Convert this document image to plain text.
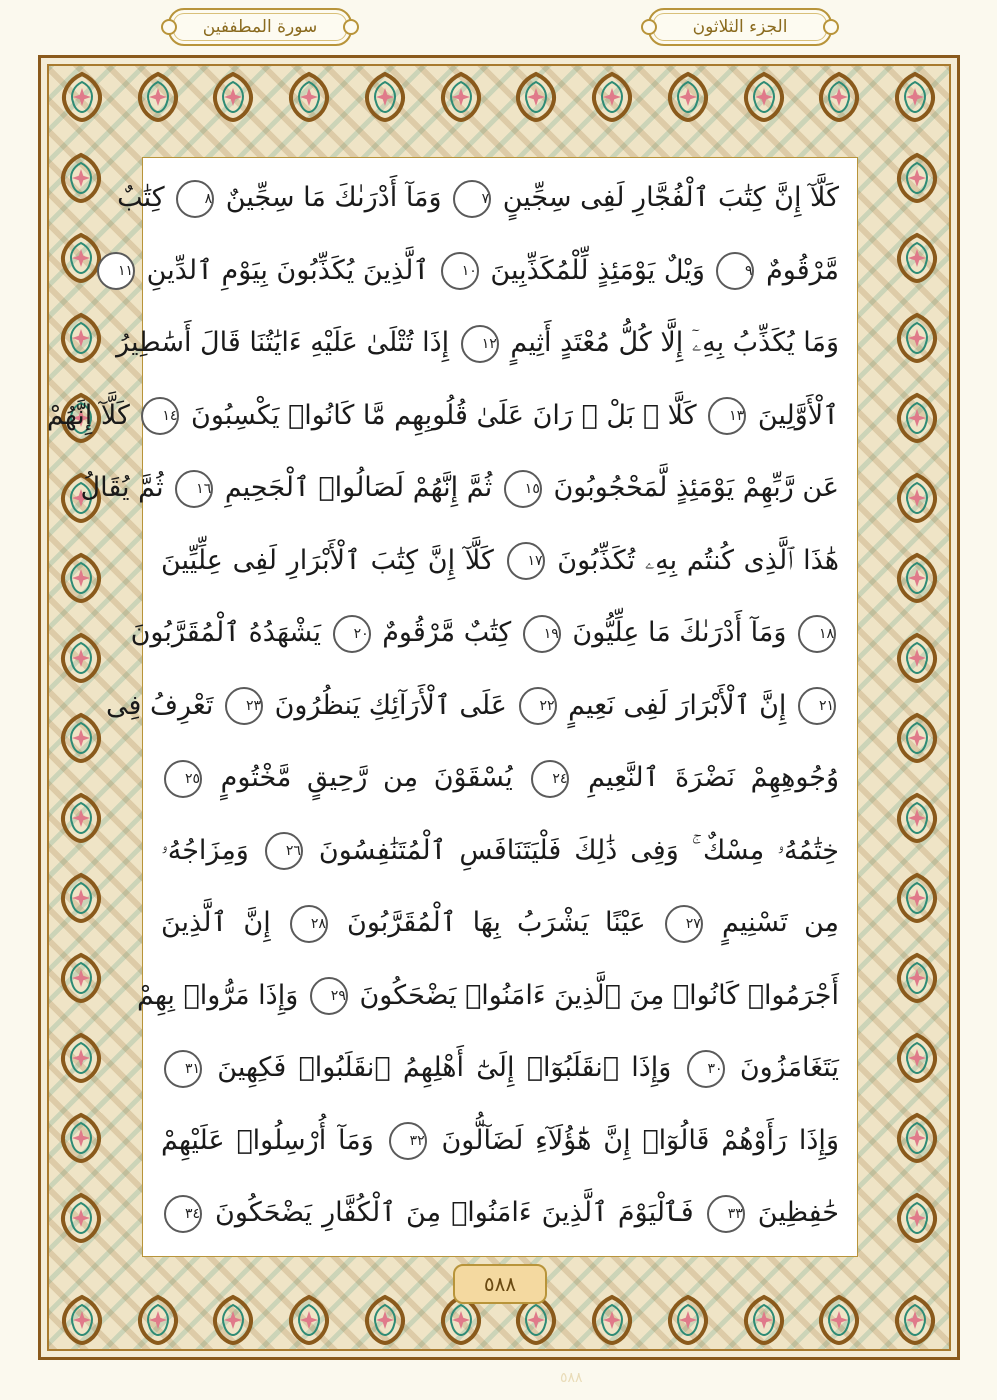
سورة المطففين	الجزء الثلاثون
كَلَّآ إِنَّ كِتَٰبَ ٱلْفُجَّارِ لَفِى سِجِّينٍ ٧ وَمَآ أَدْرَىٰكَ مَا سِجِّينٌ ٨ كِتَٰبٌ
مَّرْقُومٌ ٩ وَيْلٌ يَوْمَئِذٍ لِّلْمُكَذِّبِينَ ١٠ ٱلَّذِينَ يُكَذِّبُونَ بِيَوْمِ ٱلدِّينِ ١١
وَمَا يُكَذِّبُ بِهِۦٓ إِلَّا كُلُّ مُعْتَدٍ أَثِيمٍ ١٢ إِذَا تُتْلَىٰ عَلَيْهِ ءَايَٰتُنَا قَالَ أَسَٰطِيرُ
ٱلْأَوَّلِينَ ١٣ كَلَّا ۖ بَلْ ۜ رَانَ عَلَىٰ قُلُوبِهِم مَّا كَانُوا۟ يَكْسِبُونَ ١٤ كَلَّآ إِنَّهُمْ
عَن رَّبِّهِمْ يَوْمَئِذٍ لَّمَحْجُوبُونَ ١٥ ثُمَّ إِنَّهُمْ لَصَالُوا۟ ٱلْجَحِيمِ ١٦ ثُمَّ يُقَالُ
هَٰذَا ٱلَّذِى كُنتُم بِهِۦ تُكَذِّبُونَ ١٧ كَلَّآ إِنَّ كِتَٰبَ ٱلْأَبْرَارِ لَفِى عِلِّيِّينَ
١٨ وَمَآ أَدْرَىٰكَ مَا عِلِّيُّونَ ١٩ كِتَٰبٌ مَّرْقُومٌ ٢٠ يَشْهَدُهُ ٱلْمُقَرَّبُونَ
٢١ إِنَّ ٱلْأَبْرَارَ لَفِى نَعِيمٍ ٢٢ عَلَى ٱلْأَرَآئِكِ يَنظُرُونَ ٢٣ تَعْرِفُ فِى
وُجُوهِهِمْ نَضْرَةَ ٱلنَّعِيمِ ٢٤ يُسْقَوْنَ مِن رَّحِيقٍ مَّخْتُومٍ ٢٥
خِتَٰمُهُۥ مِسْكٌ ۚ وَفِى ذَٰلِكَ فَلْيَتَنَافَسِ ٱلْمُتَنَٰفِسُونَ ٢٦ وَمِزَاجُهُۥ
مِن تَسْنِيمٍ ٢٧ عَيْنًا يَشْرَبُ بِهَا ٱلْمُقَرَّبُونَ ٢٨ إِنَّ ٱلَّذِينَ
أَجْرَمُوا۟ كَانُوا۟ مِنَ ٱلَّذِينَ ءَامَنُوا۟ يَضْحَكُونَ ٢٩ وَإِذَا مَرُّوا۟ بِهِمْ
يَتَغَامَزُونَ ٣٠ وَإِذَا ٱنقَلَبُوٓا۟ إِلَىٰٓ أَهْلِهِمُ ٱنقَلَبُوا۟ فَكِهِينَ ٣١
وَإِذَا رَأَوْهُمْ قَالُوٓا۟ إِنَّ هَٰٓؤُلَآءِ لَضَآلُّونَ ٣٢ وَمَآ أُرْسِلُوا۟ عَلَيْهِمْ
حَٰفِظِينَ ٣٣ فَٱلْيَوْمَ ٱلَّذِينَ ءَامَنُوا۟ مِنَ ٱلْكُفَّارِ يَضْحَكُونَ ٣٤
٥٨٨
٥٨٨
